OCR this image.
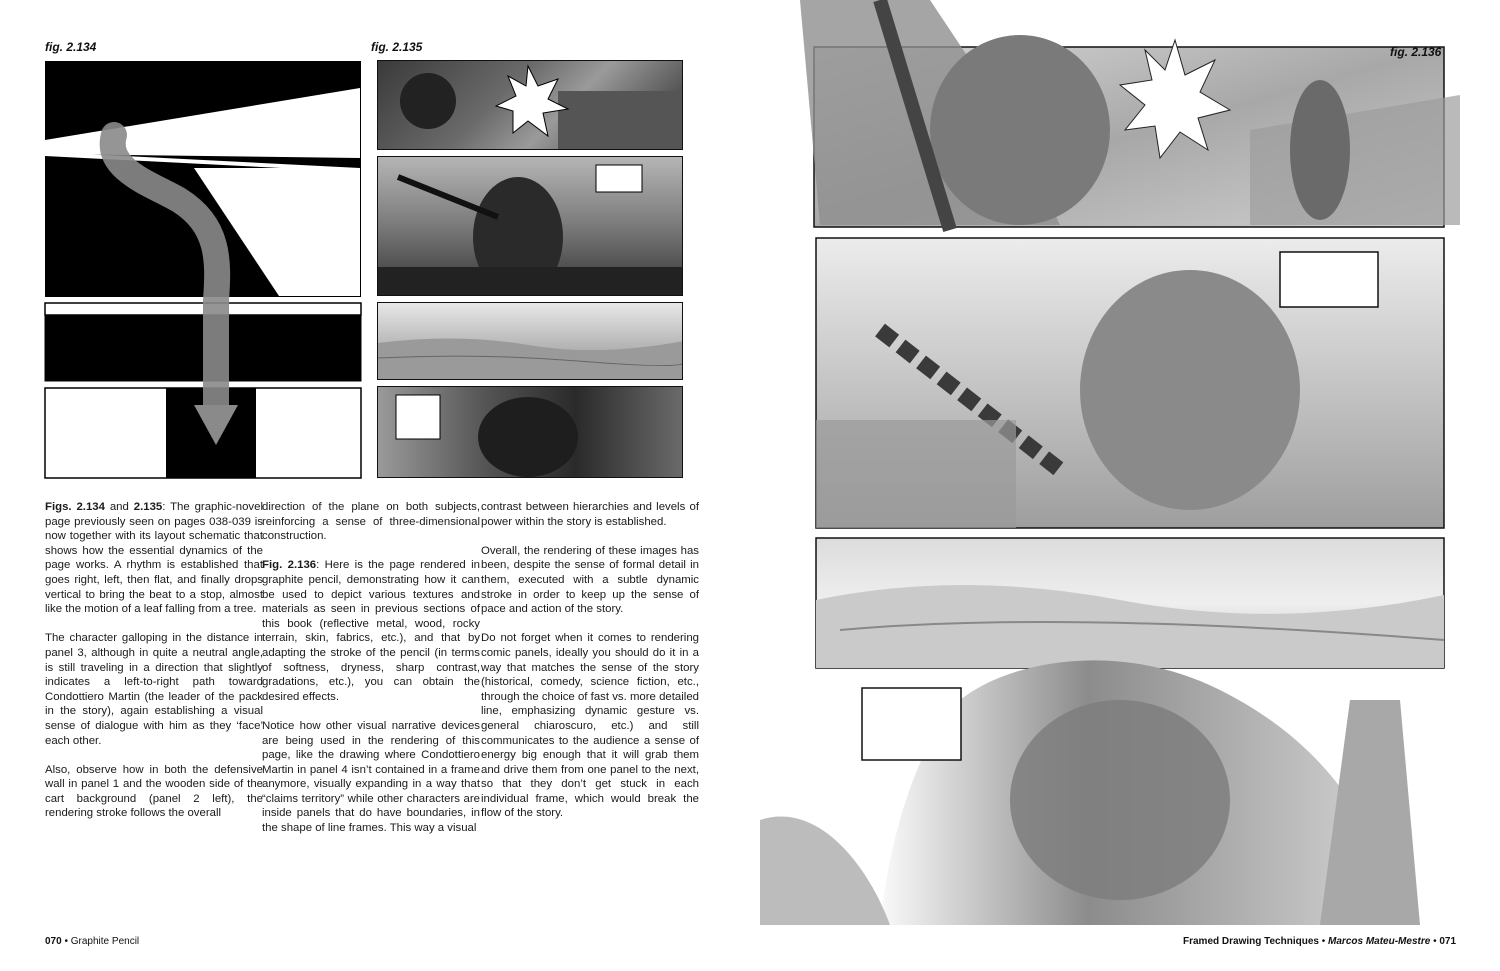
fig. 2.134	fig. 2.135

Figs. 2.134 and 2.135: The graphic-novel page previously seen on pages 038-039 is now together with its layout schematic that shows how the essential dynamics of the page works. A rhythm is established that goes right, left, then flat, and finally drops vertical to bring the beat to a stop, almost like the motion of a leaf falling from a tree.

The character galloping in the distance in panel 3, although in quite a neutral angle, is still traveling in a direction that slightly indicates a left-to-right path toward Condottiero Martin (the leader of the pack in the story), again establishing a visual sense of dialogue with him as they ‘face’ each other.

Also, observe how in both the defensive wall in panel 1 and the wooden side of the cart background (panel 2 left), the rendering stroke follows the overall

direction of the plane on both subjects, reinforcing a sense of three-dimensional construction.

Fig. 2.136: Here is the page rendered in graphite pencil, demonstrating how it can be used to depict various textures and materials as seen in previous sections of this book (reflective metal, wood, rocky terrain, skin, fabrics, etc.), and that by adapting the stroke of the pencil (in terms of softness, dryness, sharp contrast, gradations, etc.), you can obtain the desired effects.

Notice how other visual narrative devices are being used in the rendering of this page, like the drawing where Condottiero Martin in panel 4 isn’t contained in a frame anymore, visually expanding in a way that “claims territory” while other characters are inside panels that do have boundaries, in the shape of line frames. This way a visual

contrast between hierarchies and levels of power within the story is established.

Overall, the rendering of these images has been, despite the sense of formal detail in them, executed with a subtle dynamic stroke in order to keep up the sense of pace and action of the story.

Do not forget when it comes to rendering comic panels, ideally you should do it in a way that matches the sense of the story (historical, comedy, science fiction, etc., through the choice of fast vs. more detailed line, emphasizing dynamic gesture vs. general chiaroscuro, etc.) and still communicates to the audience a sense of energy big enough that it will grab them and drive them from one panel to the next, so that they don’t get stuck in each individual frame, which would break the flow of the story.

070 • Graphite Pencil
fig. 2.136
Framed Drawing Techniques • Marcos Mateu-Mestre • 071
